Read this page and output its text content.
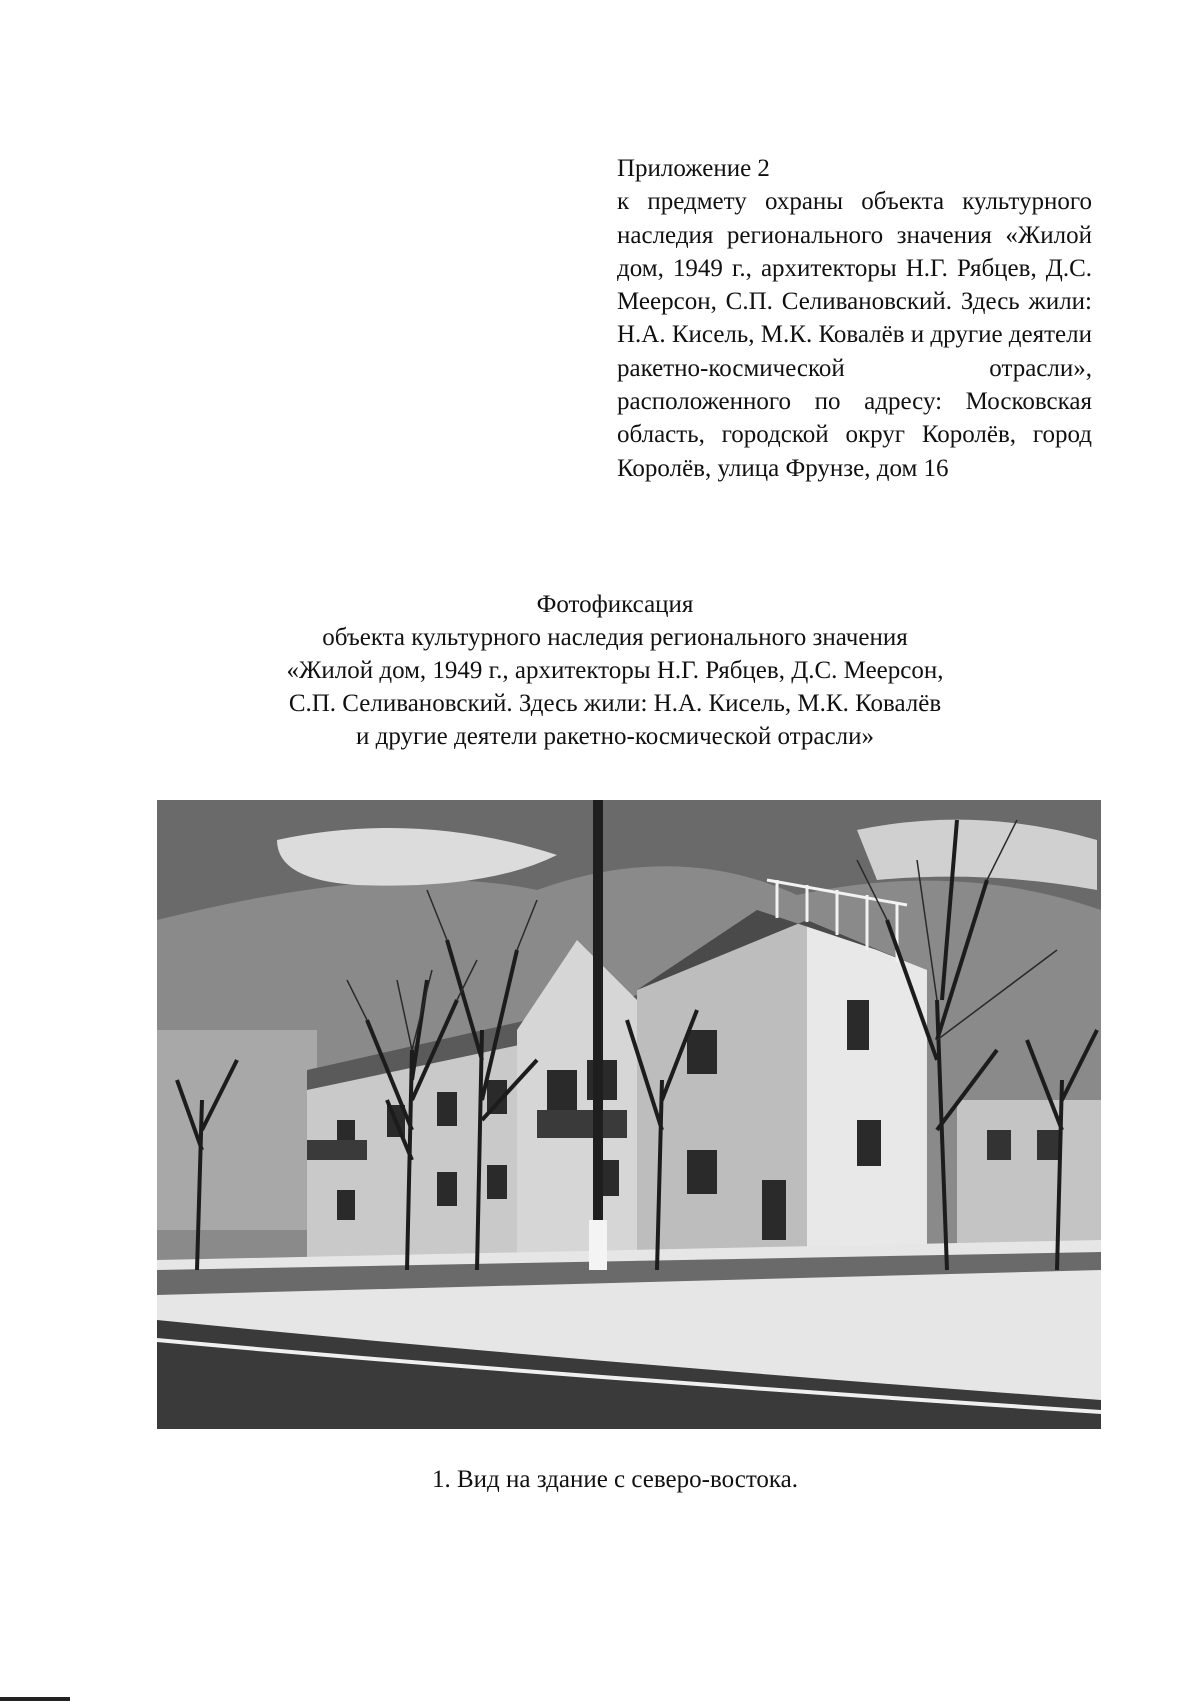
Приложение 2
к предмету охраны объекта культурного наследия регионального значения «Жилой дом, 1949 г., архитекторы Н.Г. Рябцев, Д.С. Меерсон, С.П. Селивановский. Здесь жили: Н.А. Кисель, М.К. Ковалёв и другие деятели ракетно-космической отрасли», расположенного по адресу: Московская область, городской округ Королёв, город Королёв, улица Фрунзе, дом 16
Фотофиксация
объекта культурного наследия регионального значения
«Жилой дом, 1949 г., архитекторы Н.Г. Рябцев, Д.С. Меерсон,
С.П. Селивановский. Здесь жили: Н.А. Кисель, М.К. Ковалёв
и другие деятели ракетно-космической отрасли»
1. Вид на здание с северо-востока.
